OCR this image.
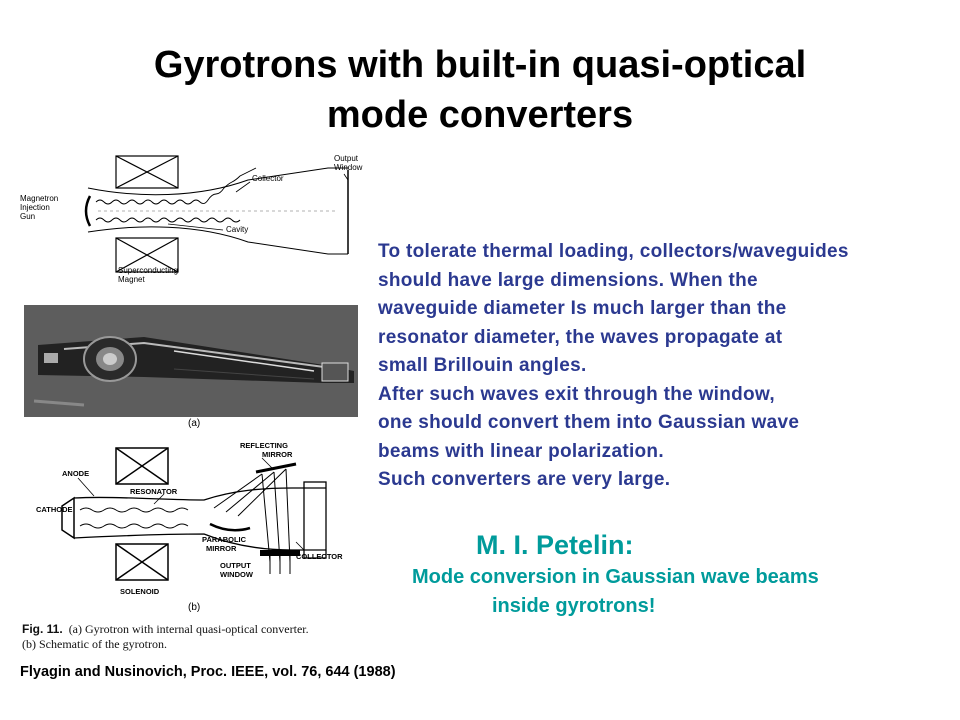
Gyrotrons with built-in quasi-optical
mode converters
Output
Window
Collector
Magnetron
Injection
Gun
Cavity
Superconducting
Magnet
(a)
REFLECTING
MIRROR
ANODE
RESONATOR
CATHODE
PARABOLIC
MIRROR
OUTPUT
WINDOW
COLLECTOR
SOLENOID
(b)
Fig. 11. (a) Gyrotron with internal quasi-optical converter.
(b) Schematic of the gyrotron.
To tolerate thermal loading, collectors/waveguides
should have large dimensions. When the
waveguide diameter Is much larger than the
resonator diameter, the waves propagate at
small Brillouin angles.
After such waves exit through the window,
one should convert them into Gaussian wave
beams with linear polarization.
Such converters are very large.
M. I. Petelin:
Mode conversion in Gaussian wave beams
inside gyrotrons!
Flyagin and Nusinovich, Proc. IEEE, vol. 76, 644 (1988)
